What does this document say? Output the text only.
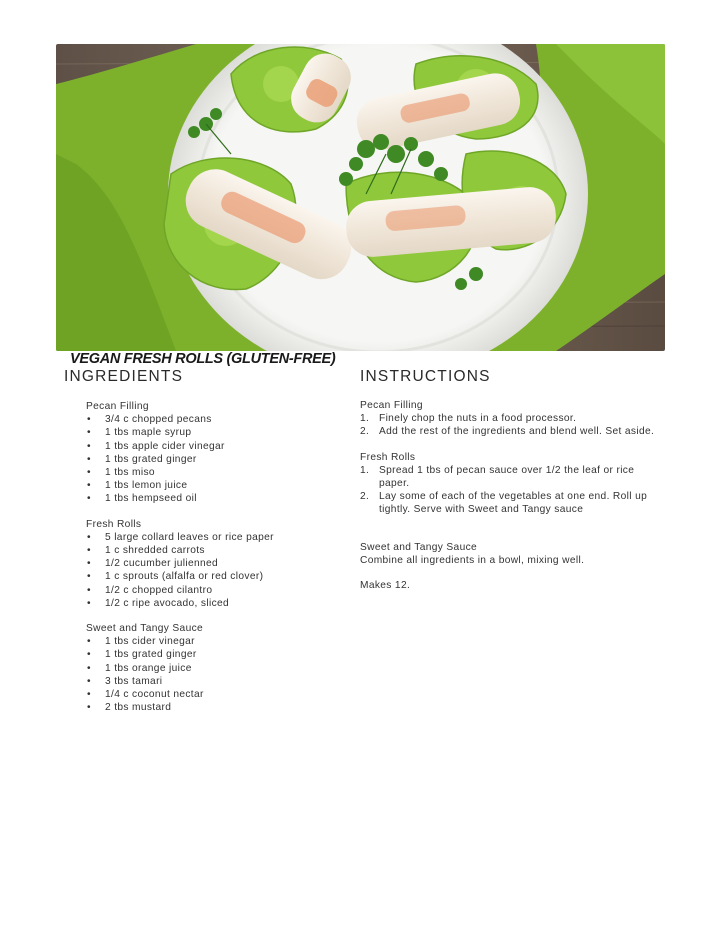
VEGAN FRESH ROLLS (GLUTEN-FREE)
INGREDIENTS	INSTRUCTIONS
Pecan Filling
• 3/4 c chopped pecans
• 1 tbs maple syrup
• 1 tbs apple cider vinegar
• 1 tbs grated ginger
• 1 tbs miso
• 1 tbs lemon juice
• 1 tbs hempseed oil
Fresh Rolls
• 5 large collard leaves or rice paper
• 1 c shredded carrots
• 1/2 cucumber julienned
• 1 c sprouts (alfalfa or red clover)
• 1/2 c chopped cilantro
• 1/2 c ripe avocado, sliced
Sweet and Tangy Sauce
• 1 tbs cider vinegar
• 1 tbs grated ginger
• 1 tbs orange juice
• 3 tbs tamari
• 1/4 c coconut nectar
• 2 tbs mustard
Pecan Filling
1. Finely chop the nuts in a food processor.
2. Add the rest of the ingredients and blend well. Set aside.
Fresh Rolls
1. Spread 1 tbs of pecan sauce over 1/2 the leaf or rice paper.
2. Lay some of each of the vegetables at one end. Roll up tightly. Serve with Sweet and Tangy sauce
Sweet and Tangy Sauce

Combine all ingredients in a bowl, mixing well.

Makes 12.
